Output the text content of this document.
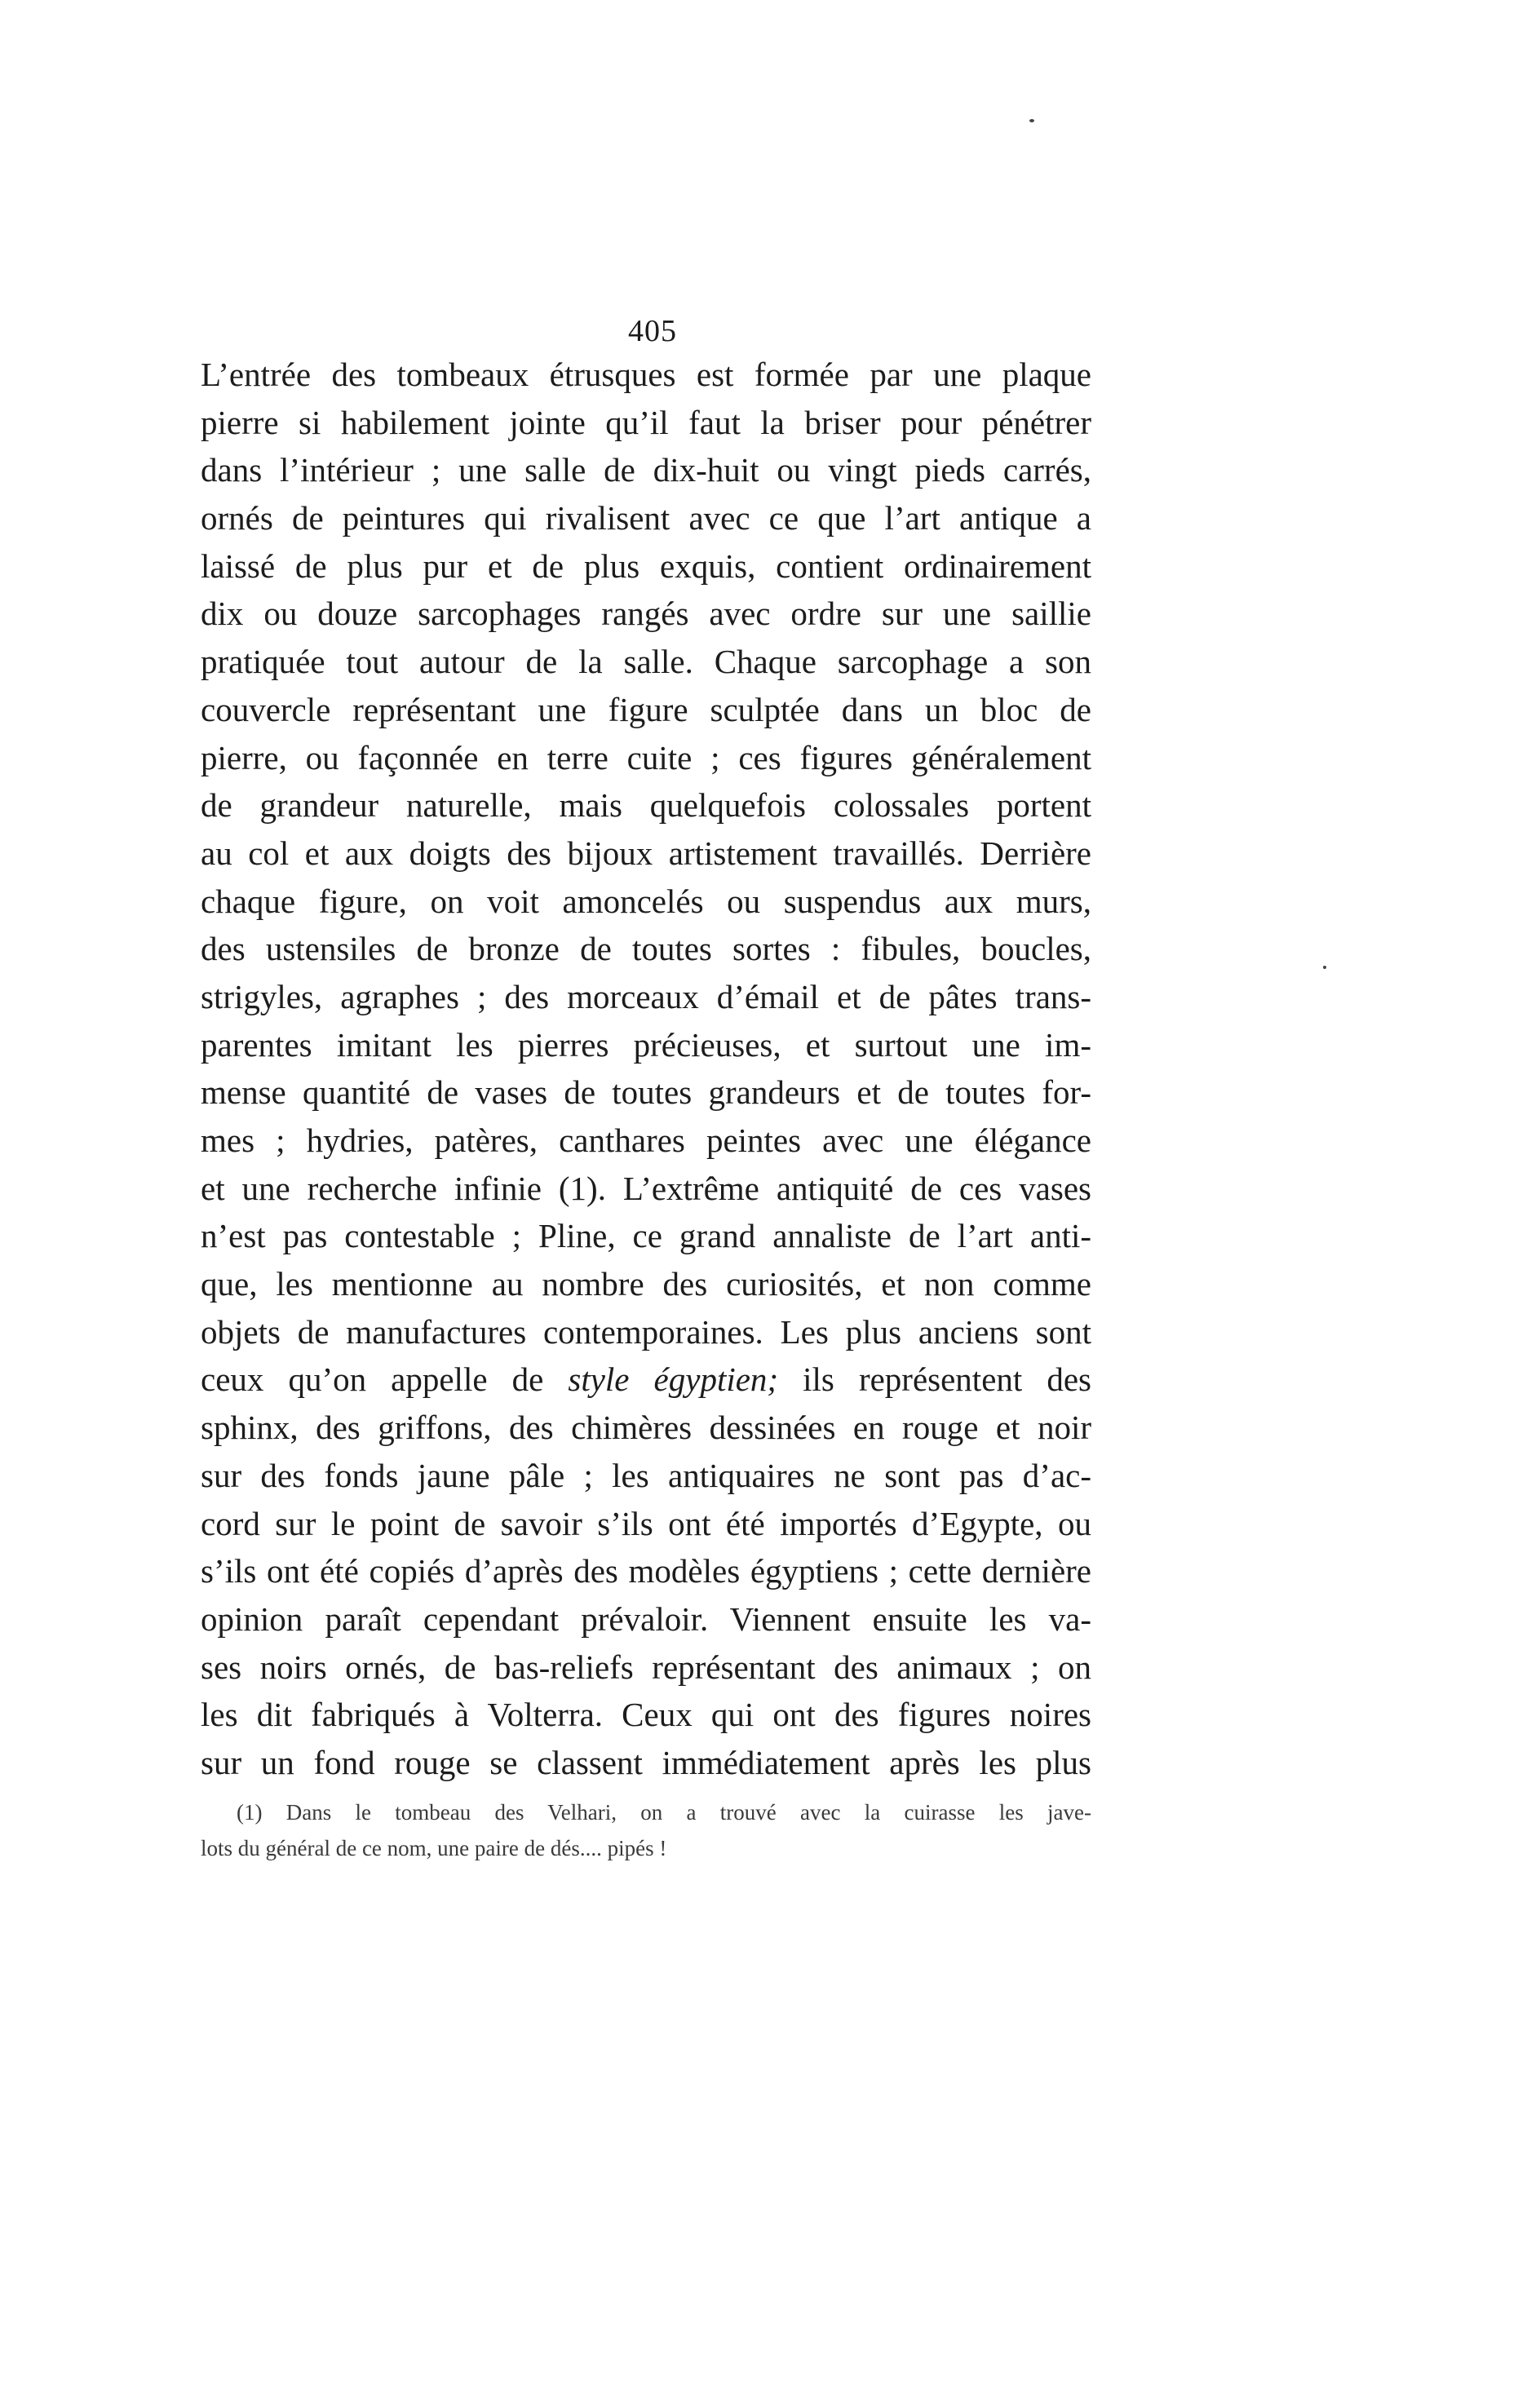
405
L’entrée des tombeaux étrusques est formée par une plaque
pierre si habilement jointe qu’il faut la briser pour pénétrer
dans l’intérieur ; une salle de dix-huit ou vingt pieds carrés,
ornés de peintures qui rivalisent avec ce que l’art antique a
laissé de plus pur et de plus exquis, contient ordinairement
dix ou douze sarcophages rangés avec ordre sur une saillie
pratiquée tout autour de la salle. Chaque sarcophage a son
couvercle représentant une figure sculptée dans un bloc de
pierre, ou façonnée en terre cuite ; ces figures généralement
de grandeur naturelle, mais quelquefois colossales portent
au col et aux doigts des bijoux artistement travaillés. Derrière
chaque figure, on voit amoncelés ou suspendus aux murs,
des ustensiles de bronze de toutes sortes : fibules, boucles,
strigyles, agraphes ; des morceaux d’émail et de pâtes trans-
parentes imitant les pierres précieuses, et surtout une im-
mense quantité de vases de toutes grandeurs et de toutes for-
mes ; hydries, patères, canthares peintes avec une élégance
et une recherche infinie (1). L’extrême antiquité de ces vases
n’est pas contestable ; Pline, ce grand annaliste de l’art anti-
que, les mentionne au nombre des curiosités, et non comme
objets de manufactures contemporaines. Les plus anciens sont
ceux qu’on appelle de style égyptien; ils représentent des
sphinx, des griffons, des chimères dessinées en rouge et noir
sur des fonds jaune pâle ; les antiquaires ne sont pas d’ac-
cord sur le point de savoir s’ils ont été importés d’Egypte, ou
s’ils ont été copiés d’après des modèles égyptiens ; cette dernière
opinion paraît cependant prévaloir. Viennent ensuite les va-
ses noirs ornés, de bas-reliefs représentant des animaux ; on
les dit fabriqués à Volterra. Ceux qui ont des figures noires
sur un fond rouge se classent immédiatement après les plus
(1) Dans le tombeau des Velhari, on a trouvé avec la cuirasse les jave-
lots du général de ce nom, une paire de dés.... pipés !
